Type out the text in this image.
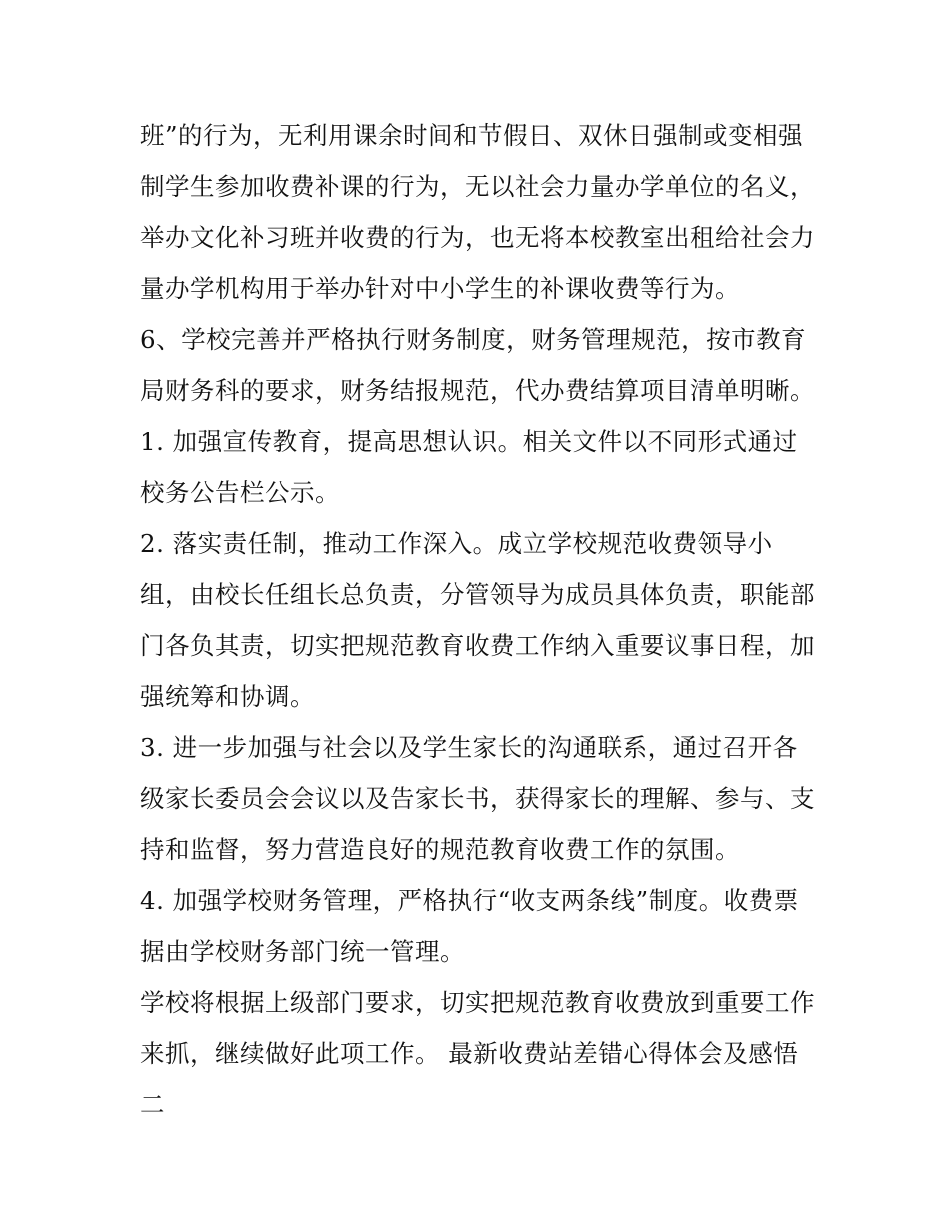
班”的行为，无利用课余时间和节假日、双休日强制或变相强
制学生参加收费补课的行为，无以社会力量办学单位的名义，
举办文化补习班并收费的行为，也无将本校教室出租给社会力
量办学机构用于举办针对中小学生的补课收费等行为。
6、学校完善并严格执行财务制度，财务管理规范，按市教育
局财务科的要求，财务结报规范，代办费结算项目清单明晰。
1. 加强宣传教育，提高思想认识。相关文件以不同形式通过
校务公告栏公示。
2. 落实责任制，推动工作深入。成立学校规范收费领导小
组，由校长任组长总负责，分管领导为成员具体负责，职能部
门各负其责，切实把规范教育收费工作纳入重要议事日程，加
强统筹和协调。
3. 进一步加强与社会以及学生家长的沟通联系，通过召开各
级家长委员会会议以及告家长书，获得家长的理解、参与、支
持和监督，努力营造良好的规范教育收费工作的氛围。
4. 加强学校财务管理，严格执行“收支两条线”制度。收费票
据由学校财务部门统一管理。
学校将根据上级部门要求，切实把规范教育收费放到重要工作
来抓，继续做好此项工作。 最新收费站差错心得体会及感悟
二
